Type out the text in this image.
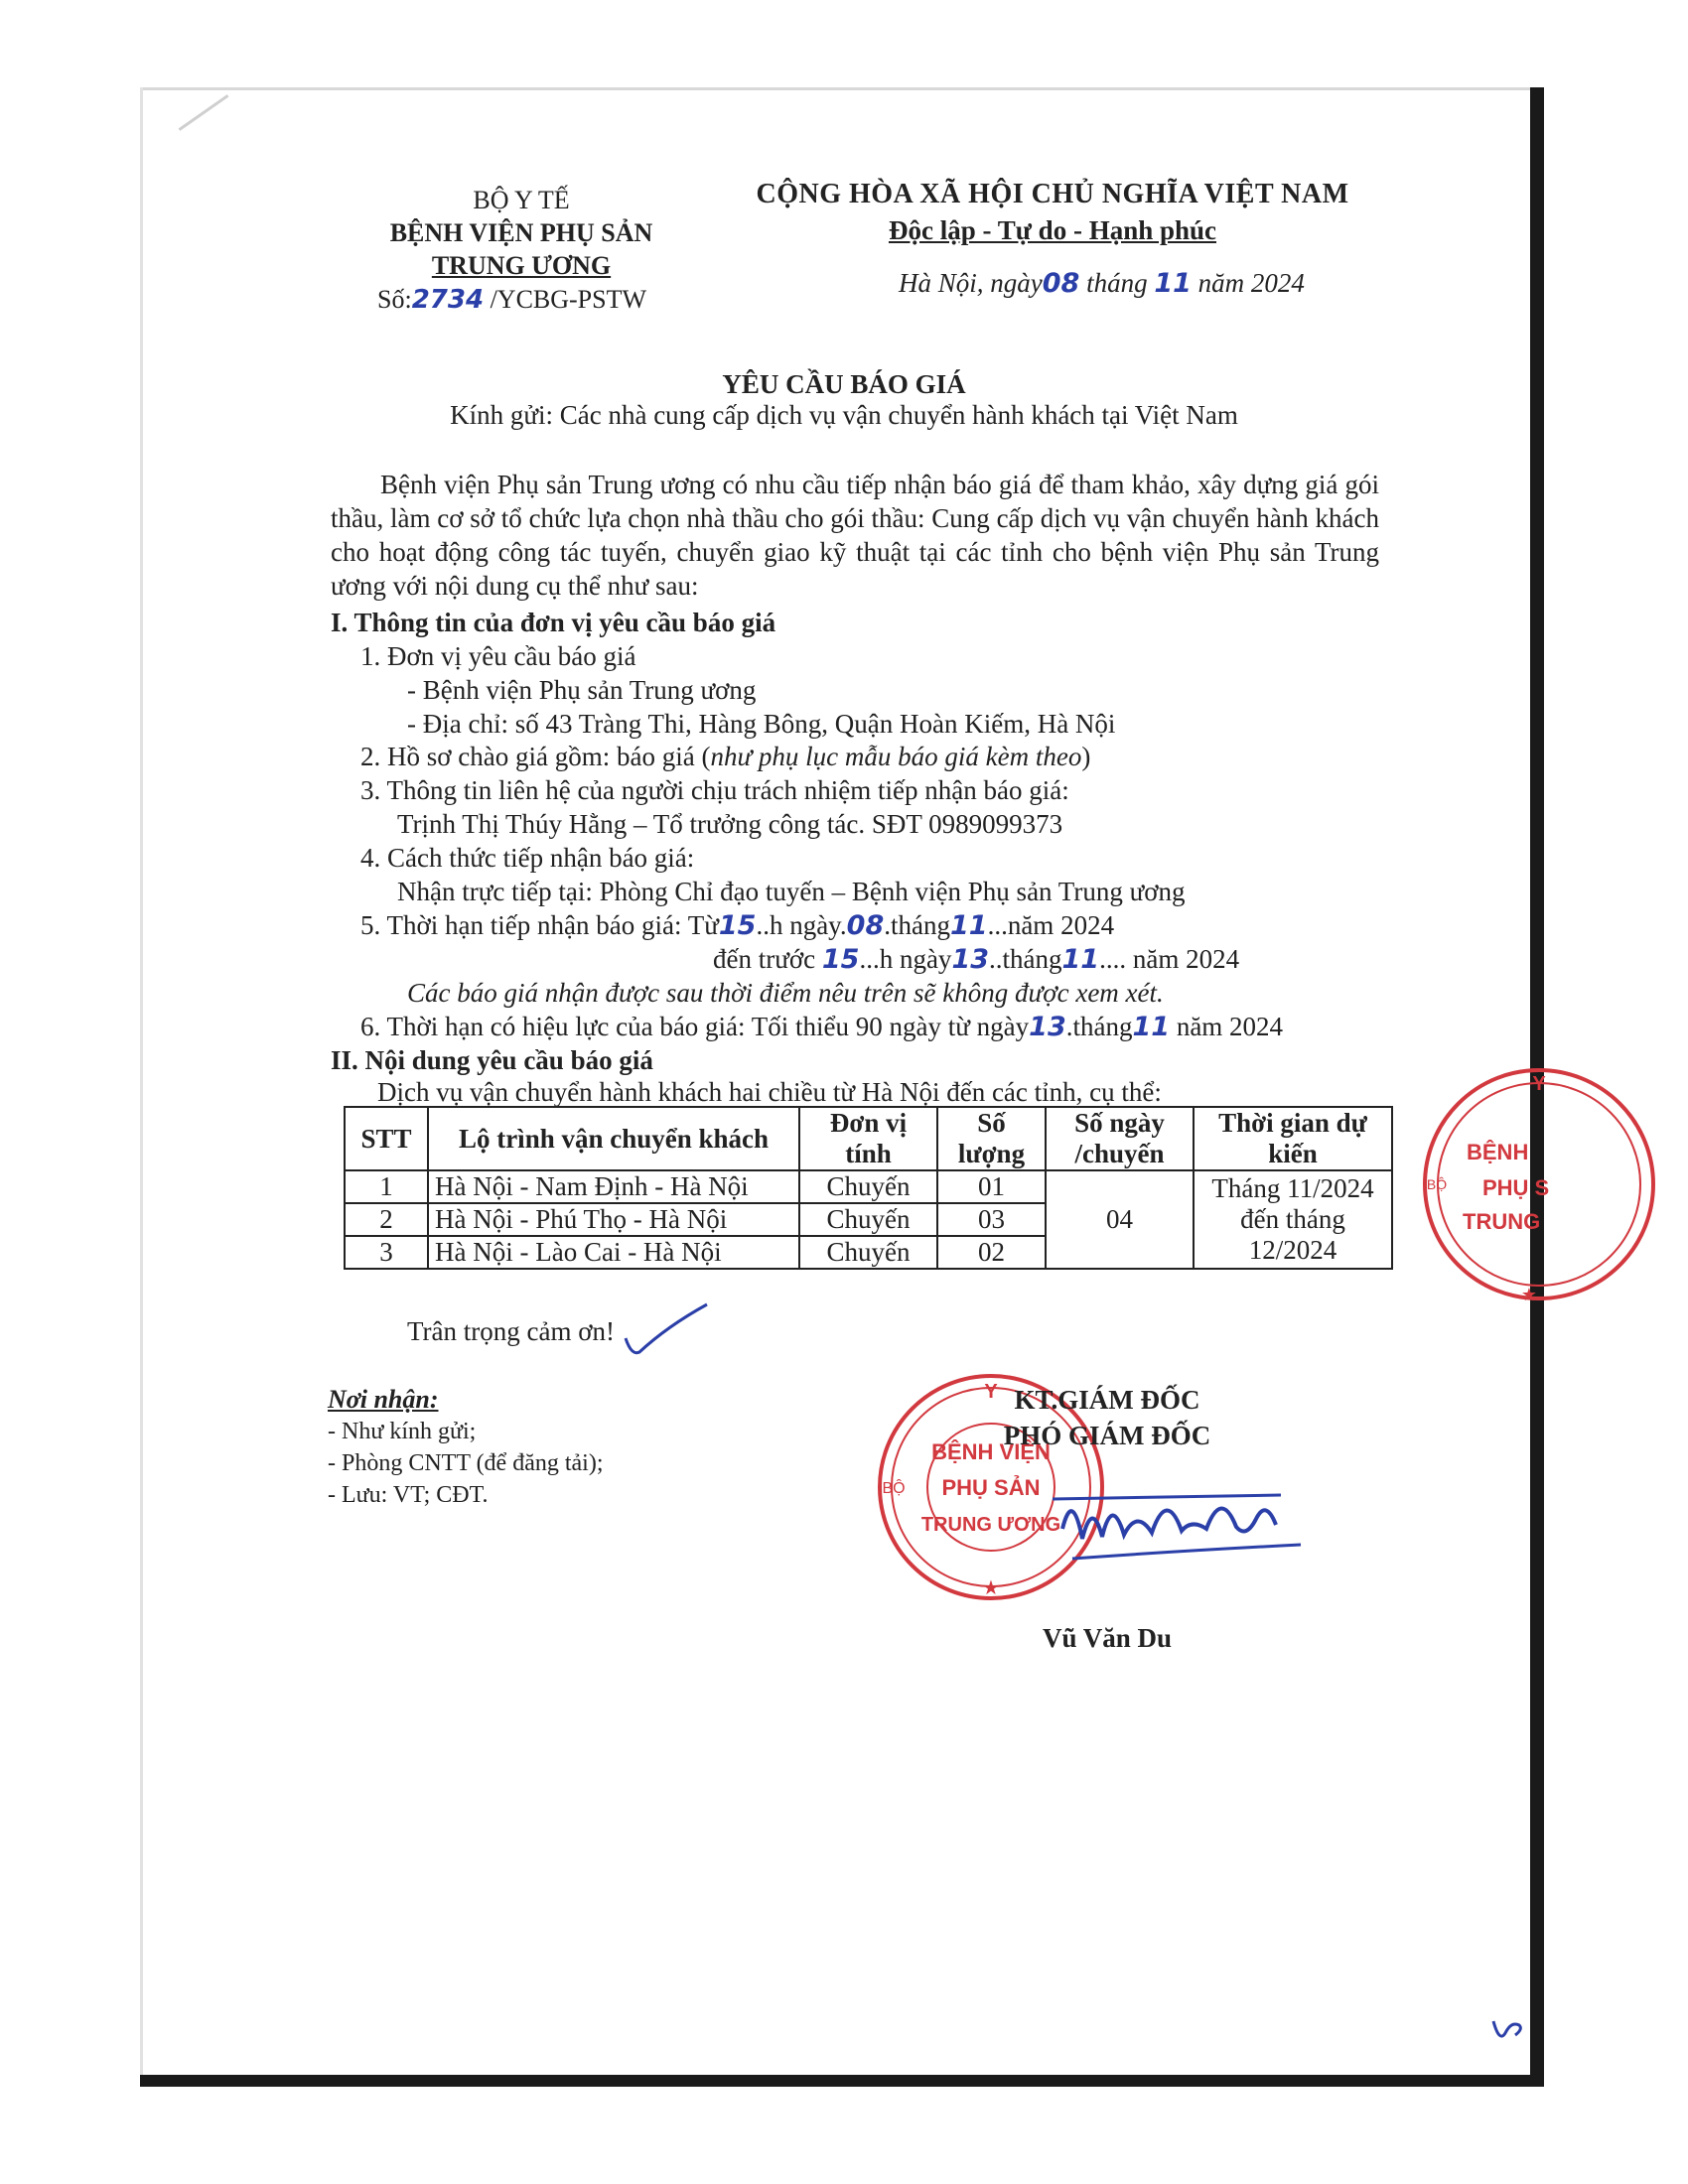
BỘ Y TẾ
BỆNH VIỆN PHỤ SẢN
TRUNG ƯƠNG
Số:2734 /YCBG-PSTW
CỘNG HÒA XÃ HỘI CHỦ NGHĨA VIỆT NAM
Độc lập - Tự do - Hạnh phúc
Hà Nội, ngày08 tháng 11 năm 2024
YÊU CẦU BÁO GIÁ
Kính gửi: Các nhà cung cấp dịch vụ vận chuyển hành khách tại Việt Nam
Bệnh viện Phụ sản Trung ương có nhu cầu tiếp nhận báo giá để tham khảo, xây dựng giá gói thầu, làm cơ sở tổ chức lựa chọn nhà thầu cho gói thầu: Cung cấp dịch vụ vận chuyển hành khách cho hoạt động công tác tuyến, chuyển giao kỹ thuật tại các tỉnh cho bệnh viện Phụ sản Trung ương với nội dung cụ thể như sau:
I. Thông tin của đơn vị yêu cầu báo giá
1. Đơn vị yêu cầu báo giá
- Bệnh viện Phụ sản Trung ương
- Địa chỉ: số 43 Tràng Thi, Hàng Bông, Quận Hoàn Kiếm, Hà Nội
2. Hồ sơ chào giá gồm: báo giá (như phụ lục mẫu báo giá kèm theo)
3. Thông tin liên hệ của người chịu trách nhiệm tiếp nhận báo giá:
Trịnh Thị Thúy Hằng – Tổ trưởng công tác. SĐT 0989099373
4. Cách thức tiếp nhận báo giá:
Nhận trực tiếp tại: Phòng Chỉ đạo tuyến – Bệnh viện Phụ sản Trung ương
5. Thời hạn tiếp nhận báo giá: Từ15..h ngày.08.tháng11...năm 2024
đến trước 15...h ngày13..tháng11.... năm 2024
Các báo giá nhận được sau thời điểm nêu trên sẽ không được xem xét.
6. Thời hạn có hiệu lực của báo giá: Tối thiểu 90 ngày từ ngày13.tháng11 năm 2024
II. Nội dung yêu cầu báo giá
Dịch vụ vận chuyển hành khách hai chiều từ Hà Nội đến các tỉnh, cụ thể:
STT	Lộ trình vận chuyển khách	Đơn vị tính	Số lượng	Số ngày /chuyến	Thời gian dự kiến
1	Hà Nội - Nam Định - Hà Nội	Chuyến	01	04	Tháng 11/2024 đến tháng 12/2024
2	Hà Nội - Phú Thọ - Hà Nội	Chuyến	03		
3	Hà Nội - Lào Cai - Hà Nội	Chuyến	02		
Trân trọng cảm ơn!
Nơi nhận:
- Như kính gửi;
- Phòng CNTT (để đăng tải);
- Lưu: VT; CĐT.
Y
BỘ
★
BỆNH VIỆN
PHỤ SẢN
TRUNG ƯƠNG
KT.GIÁM ĐỐC
PHÓ GIÁM ĐỐC
Vũ Văn Du
Y
BỘ
★
BỆNH
PHỤ S
TRUNG
